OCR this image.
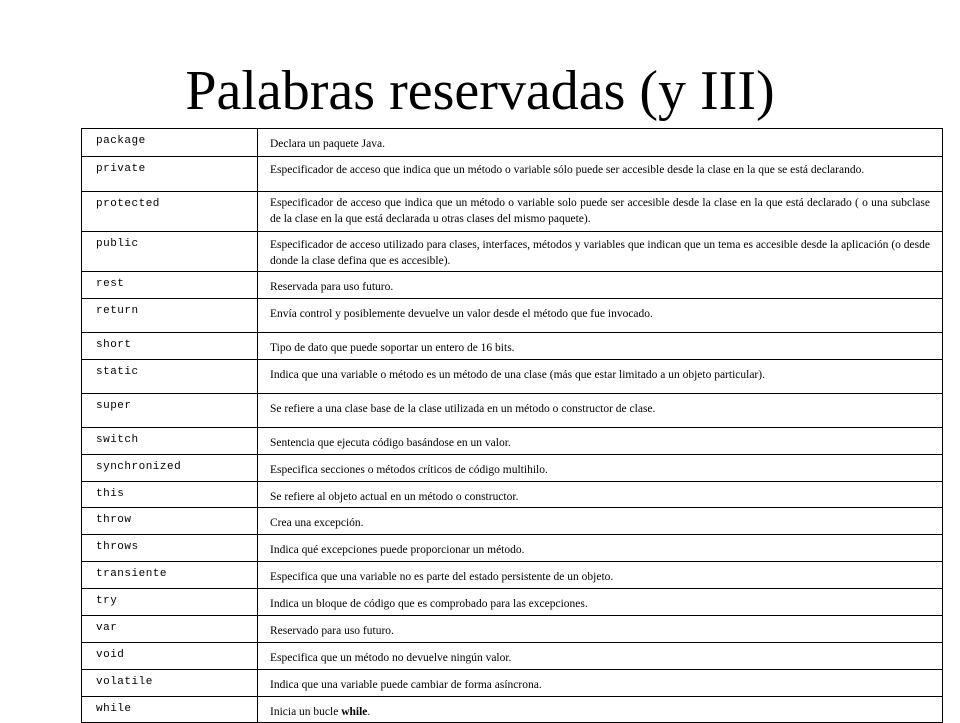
Palabras reservadas (y III)
package	Declara un paquete Java.

private	Especificador de acceso que indica que un método o variable sólo puede ser accesible desde la clase en la que se está declarando.

protected	Especificador de acceso que indica que un método o variable solo puede ser accesible desde la clase en la que está declarado ( o una subclase de la clase en la que está declarada u otras clases del mismo paquete).

public	Especificador de acceso utilizado para clases, interfaces, métodos y variables que indican que un tema es accesible desde la aplicación (o desde donde la clase defina que es accesible).

rest	Reservada para uso futuro.

return	Envía control y posiblemente devuelve un valor desde el método que fue invocado.

short	Tipo de dato que puede soportar un entero de 16 bits.

static	Indica que una variable o método es un método de una clase (más que estar limitado a un objeto particular).

super	Se refiere a una clase base de la clase utilizada en un método o constructor de clase.

switch	Sentencia que ejecuta código basándose en un valor.

synchronized	Especifica secciones o métodos críticos de código multihilo.

this	Se refiere al objeto actual en un método o constructor.

throw	Crea una excepción.

throws	Indica qué excepciones puede proporcionar un método.

transiente	Especifica que una variable no es parte del estado persistente de un objeto.

try	Indica un bloque de código que es comprobado para las excepciones.

var	Reservado para uso futuro.

void	Especifica que un método no devuelve ningún valor.

volatile	Indica que una variable puede cambiar de forma asíncrona.

while	Inicia un bucle while.
